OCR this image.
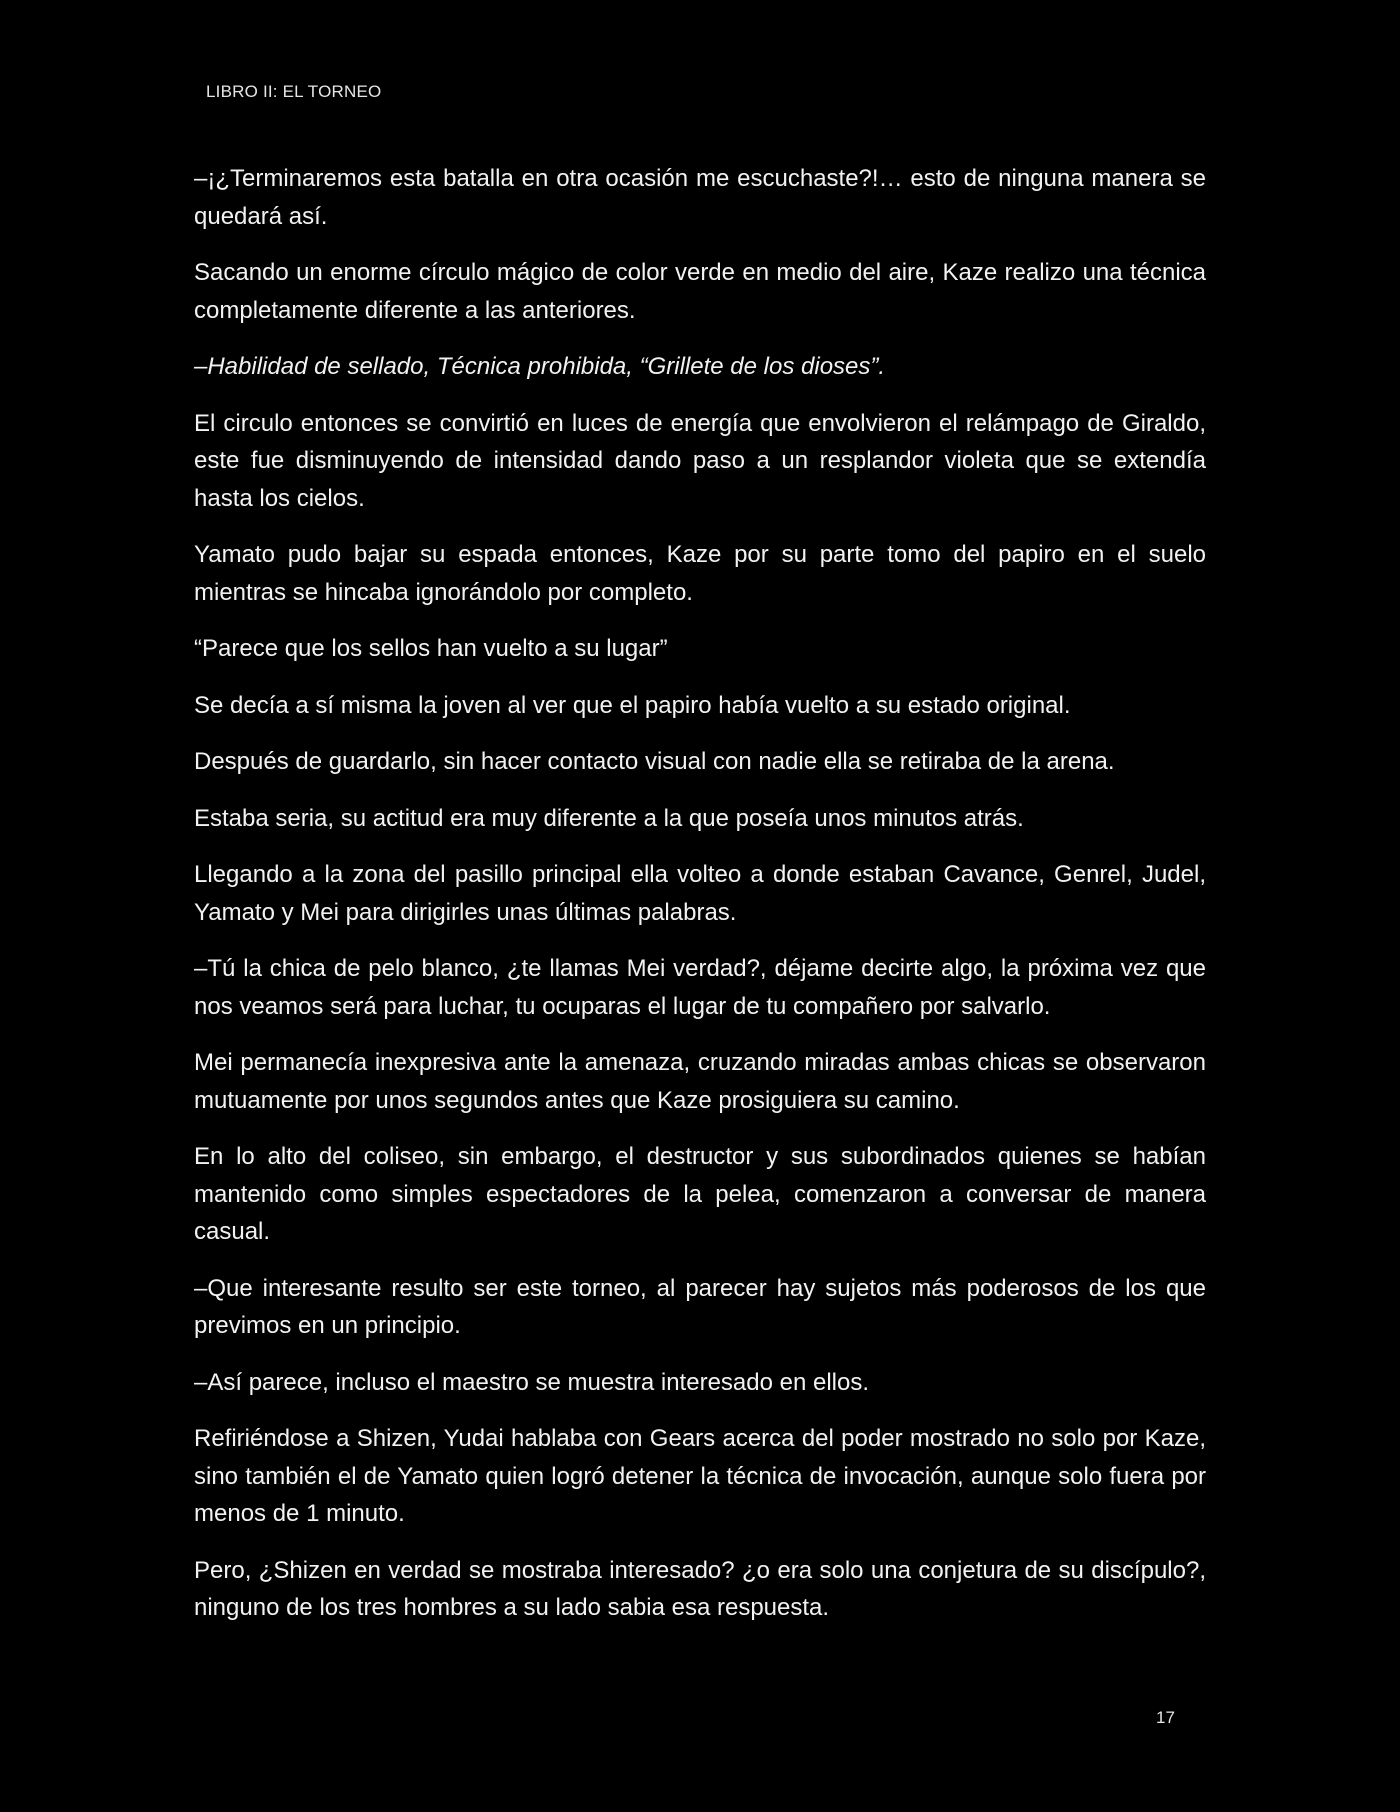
LIBRO II: EL TORNEO

–¡¿Terminaremos esta batalla en otra ocasión me escuchaste?!… esto de ninguna manera se quedará así.

Sacando un enorme círculo mágico de color verde en medio del aire, Kaze realizo una técnica completamente diferente a las anteriores.

–Habilidad de sellado, Técnica prohibida, “Grillete de los dioses”.

El circulo entonces se convirtió en luces de energía que envolvieron el relámpago de Giraldo, este fue disminuyendo de intensidad dando paso a un resplandor violeta que se extendía hasta los cielos.

Yamato pudo bajar su espada entonces, Kaze por su parte tomo del papiro en el suelo mientras se hincaba ignorándolo por completo.

“Parece que los sellos han vuelto a su lugar”

Se decía a sí misma la joven al ver que el papiro había vuelto a su estado original.

Después de guardarlo, sin hacer contacto visual con nadie ella se retiraba de la arena.

Estaba seria, su actitud era muy diferente a la que poseía unos minutos atrás.

Llegando a la zona del pasillo principal ella volteo a donde estaban Cavance, Genrel, Judel, Yamato y Mei para dirigirles unas últimas palabras.

–Tú la chica de pelo blanco, ¿te llamas Mei verdad?, déjame decirte algo, la próxima vez que nos veamos será para luchar, tu ocuparas el lugar de tu compañero por salvarlo.

Mei permanecía inexpresiva ante la amenaza, cruzando miradas ambas chicas se observaron mutuamente por unos segundos antes que Kaze prosiguiera su camino.

En lo alto del coliseo, sin embargo, el destructor y sus subordinados quienes se habían mantenido como simples espectadores de la pelea, comenzaron a conversar de manera casual.

–Que interesante resulto ser este torneo, al parecer hay sujetos más poderosos de los que previmos en un principio.

–Así parece, incluso el maestro se muestra interesado en ellos.

Refiriéndose a Shizen, Yudai hablaba con Gears acerca del poder mostrado no solo por Kaze, sino también el de Yamato quien logró detener la técnica de invocación, aunque solo fuera por menos de 1 minuto.

Pero, ¿Shizen en verdad se mostraba interesado? ¿o era solo una conjetura de su discípulo?, ninguno de los tres hombres a su lado sabia esa respuesta.

17
